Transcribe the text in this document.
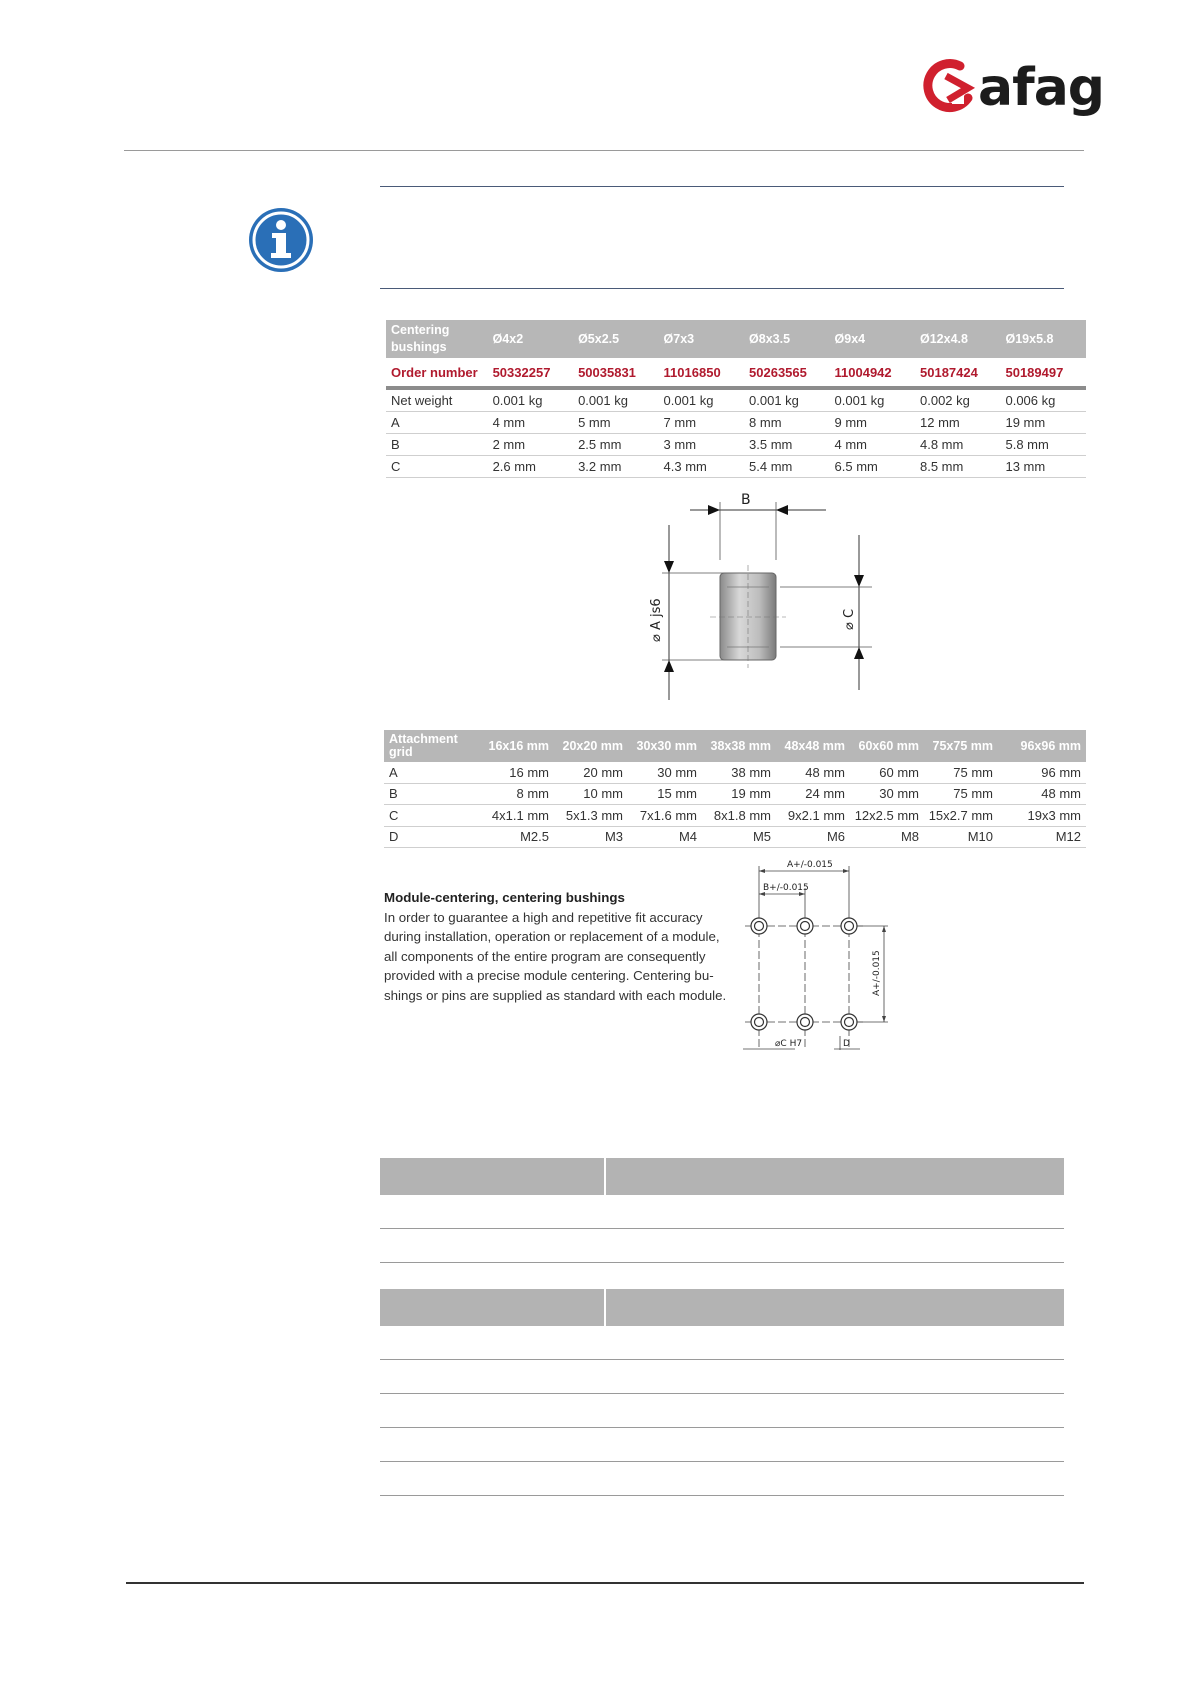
afag
Centering bushings	Ø4x2	Ø5x2.5	Ø7x3	Ø8x3.5	Ø9x4	Ø12x4.8	Ø19x5.8
Order number	50332257	50035831	11016850	50263565	11004942	50187424	50189497
Net weight	0.001 kg	0.001 kg	0.001 kg	0.001 kg	0.001 kg	0.002 kg	0.006 kg
A	4 mm	5 mm	7 mm	8 mm	9 mm	12 mm	19 mm
B	2 mm	2.5 mm	3 mm	3.5 mm	4 mm	4.8 mm	5.8 mm
C	2.6 mm	3.2 mm	4.3 mm	5.4 mm	6.5 mm	8.5 mm	13 mm
B
⌀ A js6	⌀ C
Attachment grid	16x16 mm	20x20 mm	30x30 mm	38x38 mm	48x48 mm	60x60 mm	75x75 mm	96x96 mm
A	16 mm	20 mm	30 mm	38 mm	48 mm	60 mm	75 mm	96 mm
B	8 mm	10 mm	15 mm	19 mm	24 mm	30 mm	75 mm	48 mm
C	4x1.1 mm	5x1.3 mm	7x1.6 mm	8x1.8 mm	9x2.1 mm	12x2.5 mm	15x2.7 mm	19x3 mm
D	M2.5	M3	M4	M5	M6	M8	M10	M12
Module-centering, centering bushings
In order to guarantee a high and repetitive fit accuracy
during installation, operation or replacement of a module,
all components of the entire program are consequently
provided with a precise module centering. Centering bu-
shings or pins are supplied as standard with each module.
A+/-0.015
B+/-0.015
A+/-0.015
⌀C H7	D
